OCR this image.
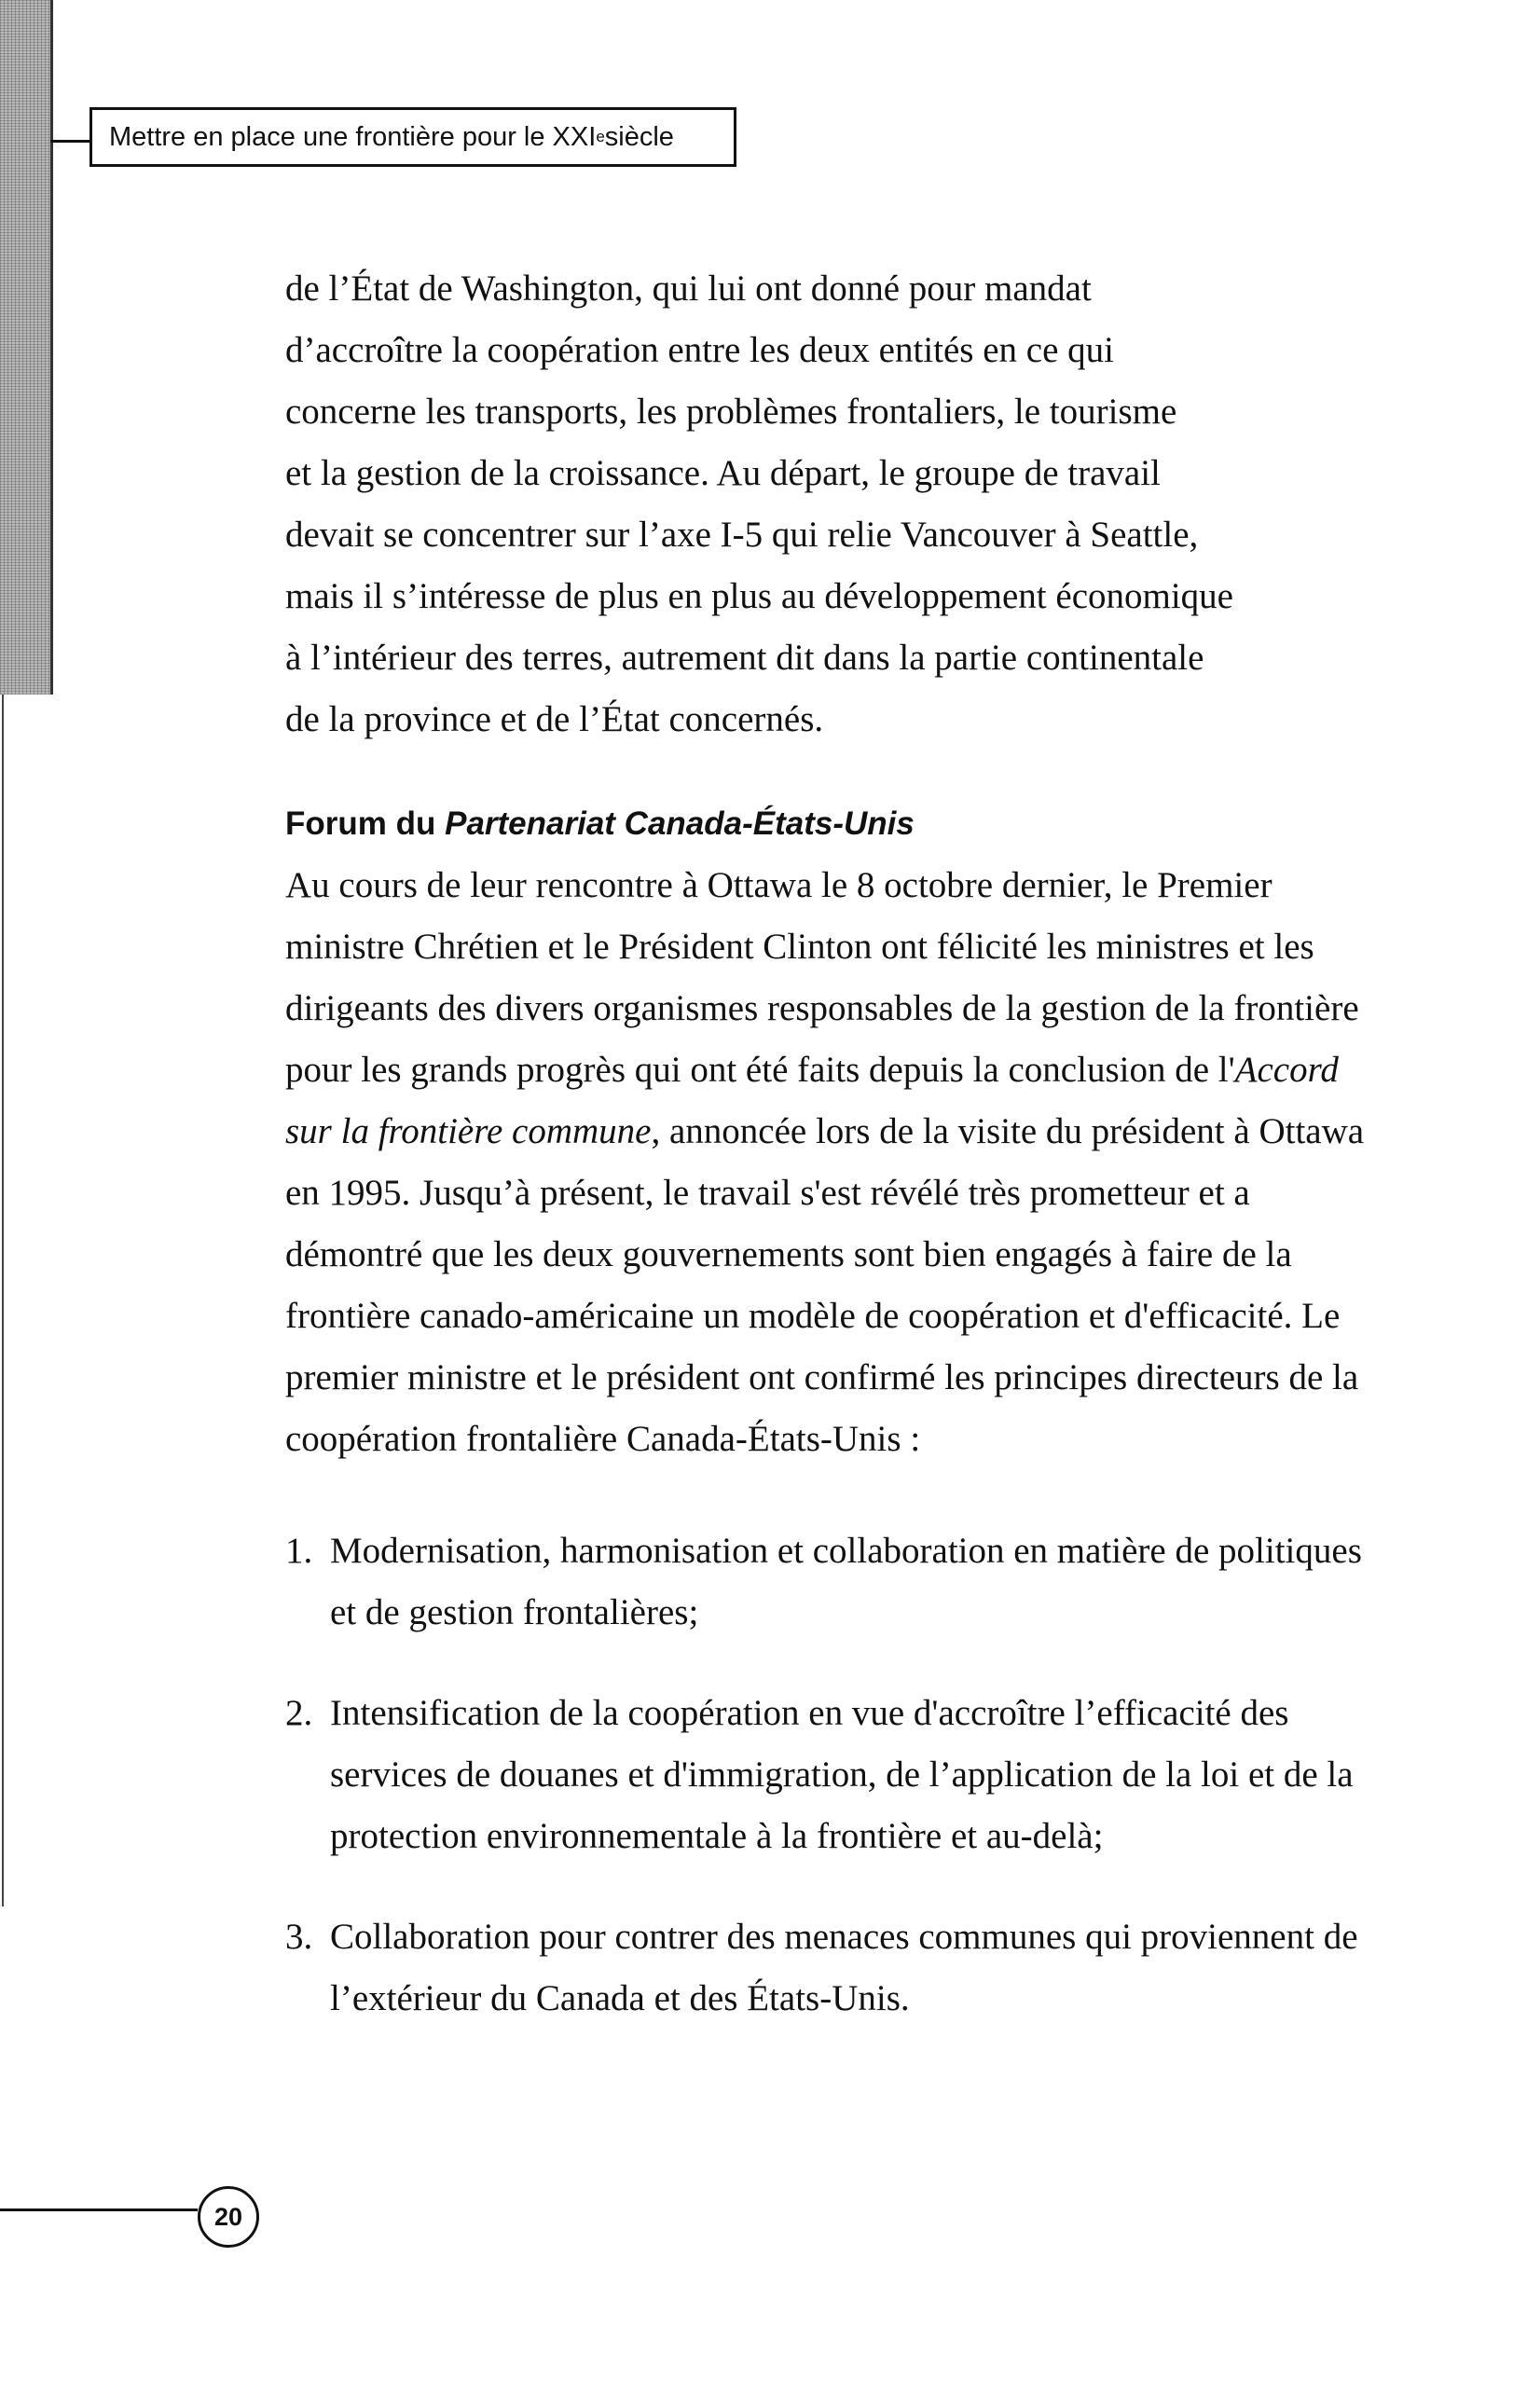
Mettre en place une frontière pour le XXI e siècle

de l’État de Washington, qui lui ont donné pour mandat
d’accroître la coopération entre les deux entités en ce qui
concerne les transports, les problèmes frontaliers, le tourisme
et la gestion de la croissance. Au départ, le groupe de travail
devait se concentrer sur l’axe I-5 qui relie Vancouver à Seattle,
mais il s’intéresse de plus en plus au développement économique
à l’intérieur des terres, autrement dit dans la partie continentale
de la province et de l’État concernés.

Forum du Partenariat Canada-États-Unis

Au cours de leur rencontre à Ottawa le 8 octobre dernier, le Premier ministre Chrétien et le Président Clinton ont félicité les ministres et les dirigeants des divers organismes responsables de la gestion de la frontière pour les grands progrès qui ont été faits depuis la conclusion de l'Accord sur la frontière commune, annoncée lors de la visite du président à Ottawa en 1995. Jusqu’à présent, le travail s'est révélé très prometteur et a démontré que les deux gouvernements sont bien engagés à faire de la frontière canado-américaine un modèle de coopération et d'efficacité. Le premier ministre et le président ont confirmé les principes directeurs de la coopération frontalière Canada-États-Unis :

1. Modernisation, harmonisation et collaboration en matière de politiques et de gestion frontalières;
2. Intensification de la coopération en vue d'accroître l’efficacité des services de douanes et d'immigration, de l’application de la loi et de la protection environnementale à la frontière et au-delà;
3. Collaboration pour contrer des menaces communes qui proviennent de l’extérieur du Canada et des États-Unis.
20
